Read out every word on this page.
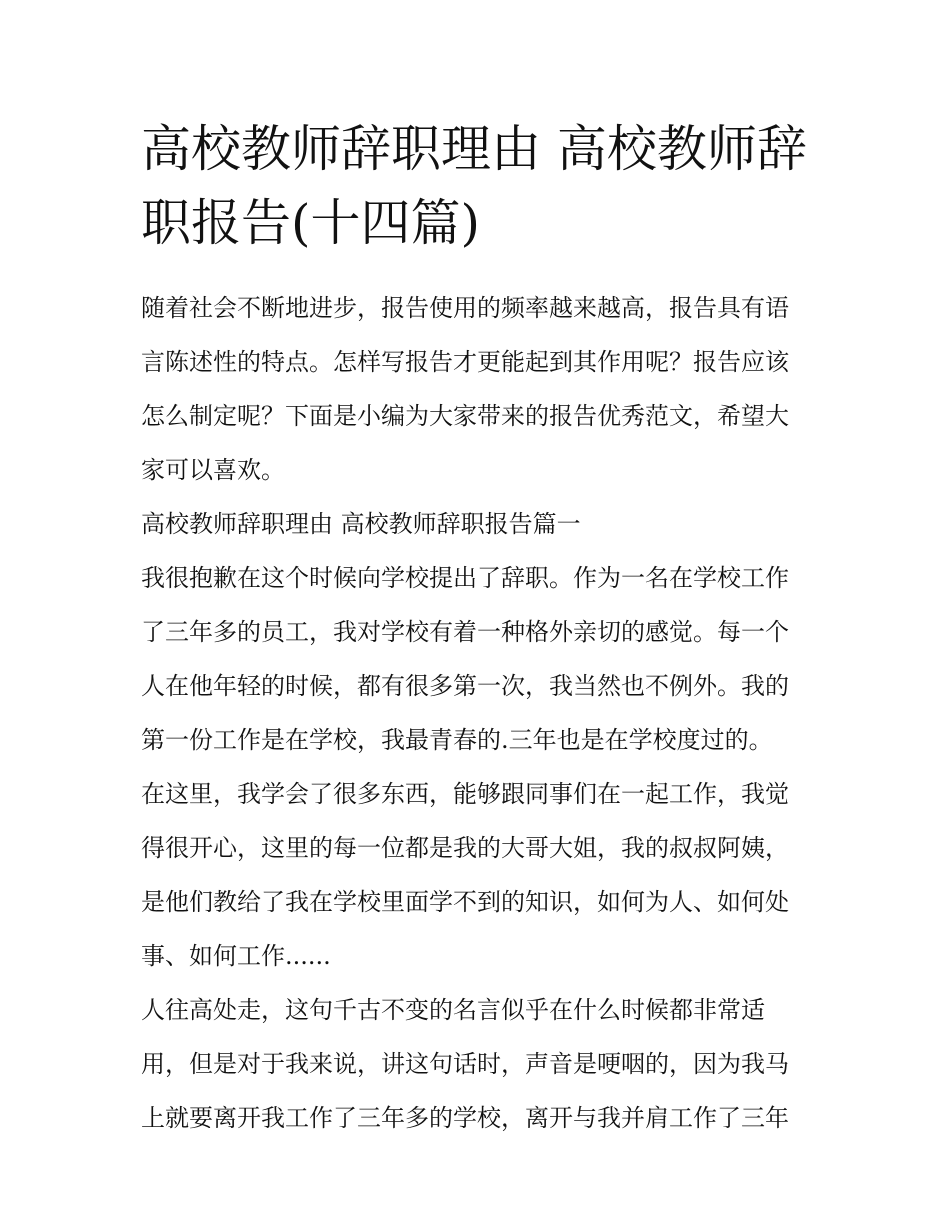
高校教师辞职理由 高校教师辞职报告(十四篇)

随着社会不断地进步，报告使用的频率越来越高，报告具有语言陈述性的特点。怎样写报告才更能起到其作用呢？报告应该怎么制定呢？下面是小编为大家带来的报告优秀范文，希望大家可以喜欢。

高校教师辞职理由 高校教师辞职报告篇一

我很抱歉在这个时候向学校提出了辞职。作为一名在学校工作了三年多的员工，我对学校有着一种格外亲切的感觉。每一个人在他年轻的时候，都有很多第一次，我当然也不例外。我的第一份工作是在学校，我最青春的.三年也是在学校度过的。

在这里，我学会了很多东西，能够跟同事们在一起工作，我觉得很开心，这里的每一位都是我的大哥大姐，我的叔叔阿姨，是他们教给了我在学校里面学不到的知识，如何为人、如何处事、如何工作......

人往高处走，这句千古不变的名言似乎在什么时候都非常适用，但是对于我来说，讲这句话时，声音是哽咽的，因为我马上就要离开我工作了三年多的学校，离开与我并肩工作了三年
